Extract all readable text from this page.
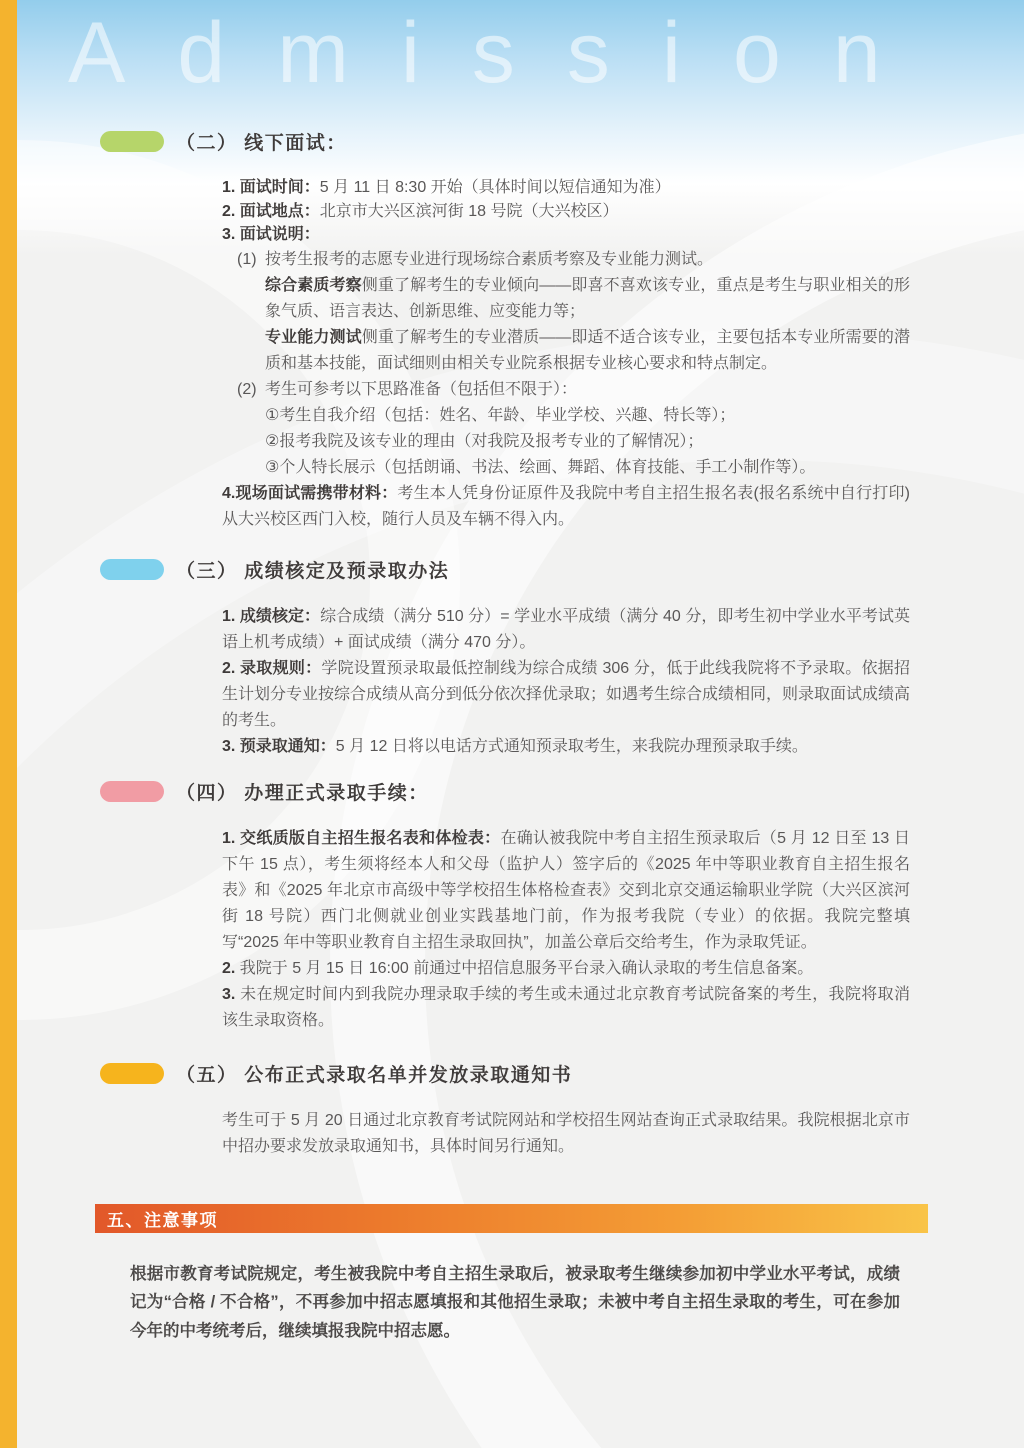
Admission
（二） 线下面试：

1. 面试时间：5 月 11 日 8:30 开始（具体时间以短信通知为准）

2. 面试地点：北京市大兴区滨河街 18 号院（大兴校区）

3. 面试说明：

(1) 按考生报考的志愿专业进行现场综合素质考察及专业能力测试。

综合素质考察侧重了解考生的专业倾向——即喜不喜欢该专业，重点是考生与职业相关的形象气质、语言表达、创新思维、应变能力等；

专业能力测试侧重了解考生的专业潜质——即适不适合该专业，主要包括本专业所需要的潜质和基本技能，面试细则由相关专业院系根据专业核心要求和特点制定。

(2) 考生可参考以下思路准备（包括但不限于）：

①考生自我介绍（包括：姓名、年龄、毕业学校、兴趣、特长等）；

②报考我院及该专业的理由（对我院及报考专业的了解情况）；

③个人特长展示（包括朗诵、书法、绘画、舞蹈、体育技能、手工小制作等）。

4.现场面试需携带材料：考生本人凭身份证原件及我院中考自主招生报名表(报名系统中自行打印)从大兴校区西门入校，随行人员及车辆不得入内。

（三） 成绩核定及预录取办法

1. 成绩核定：综合成绩（满分 510 分）= 学业水平成绩（满分 40 分，即考生初中学业水平考试英语上机考成绩）+ 面试成绩（满分 470 分）。

2. 录取规则：学院设置预录取最低控制线为综合成绩 306 分，低于此线我院将不予录取。依据招生计划分专业按综合成绩从高分到低分依次择优录取；如遇考生综合成绩相同，则录取面试成绩高的考生。

3. 预录取通知：5 月 12 日将以电话方式通知预录取考生，来我院办理预录取手续。

（四） 办理正式录取手续：

1. 交纸质版自主招生报名表和体检表：在确认被我院中考自主招生预录取后（5 月 12 日至 13 日下午 15 点），考生须将经本人和父母（监护人）签字后的《2025 年中等职业教育自主招生报名表》和《2025 年北京市高级中等学校招生体格检查表》交到北京交通运输职业学院（大兴区滨河街 18 号院）西门北侧就业创业实践基地门前，作为报考我院（专业）的依据。我院完整填写“2025 年中等职业教育自主招生录取回执”，加盖公章后交给考生，作为录取凭证。

2. 我院于 5 月 15 日 16:00 前通过中招信息服务平台录入确认录取的考生信息备案。

3. 未在规定时间内到我院办理录取手续的考生或未通过北京教育考试院备案的考生，我院将取消该生录取资格。

（五） 公布正式录取名单并发放录取通知书

考生可于 5 月 20 日通过北京教育考试院网站和学校招生网站查询正式录取结果。我院根据北京市中招办要求发放录取通知书，具体时间另行通知。

五、注意事项

根据市教育考试院规定，考生被我院中考自主招生录取后，被录取考生继续参加初中学业水平考试，成绩记为“合格 / 不合格”，不再参加中招志愿填报和其他招生录取；未被中考自主招生录取的考生，可在参加今年的中考统考后，继续填报我院中招志愿。
